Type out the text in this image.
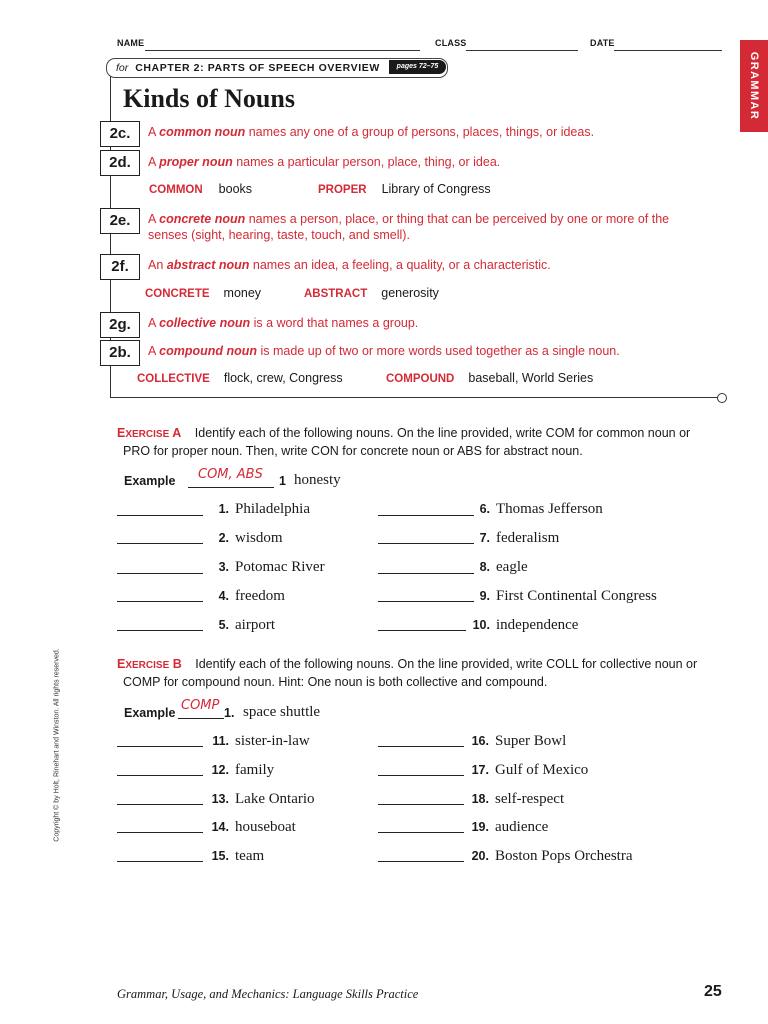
NAME	CLASS	DATE
for CHAPTER 2: PARTS OF SPEECH OVERVIEW	pages 72–75	GRAMMAR
Kinds of Nouns
2c.	A common noun names any one of a group of persons, places, things, or ideas.
2d.	A proper noun names a particular person, place, thing, or idea.
COMMON books	PROPER Library of Congress
2e.	A concrete noun names a person, place, or thing that can be perceived by one or more of the senses (sight, hearing, taste, touch, and smell).
2f.	An abstract noun names an idea, a feeling, a quality, or a characteristic.
CONCRETE money	ABSTRACT generosity
2g.	A collective noun is a word that names a group.
2b.	A compound noun is made up of two or more words used together as a single noun.
COLLECTIVE flock, crew, Congress	COMPOUND baseball, World Series
EXERCISE A Identify each of the following nouns. On the line provided, write COM for common noun or
PRO for proper noun. Then, write CON for concrete noun or ABS for abstract noun.
Example COM, ABS 1 honesty
1. Philadelphia
2. wisdom
3. Potomac River
4. freedom
5. airport
6. Thomas Jefferson
7. federalism
8. eagle
9. First Continental Congress
10. independence
EXERCISE B Identify each of the following nouns. On the line provided, write COLL for collective noun or
COMP for compound noun. Hint: One noun is both collective and compound.
Example COMP 1. space shuttle
11. sister-in-law
12. family
13. Lake Ontario
14. houseboat
15. team
16. Super Bowl
17. Gulf of Mexico
18. self-respect
19. audience
20. Boston Pops Orchestra
Copyright © by Holt, Rinehart and Winston. All rights reserved.
Grammar, Usage, and Mechanics: Language Skills Practice	25
